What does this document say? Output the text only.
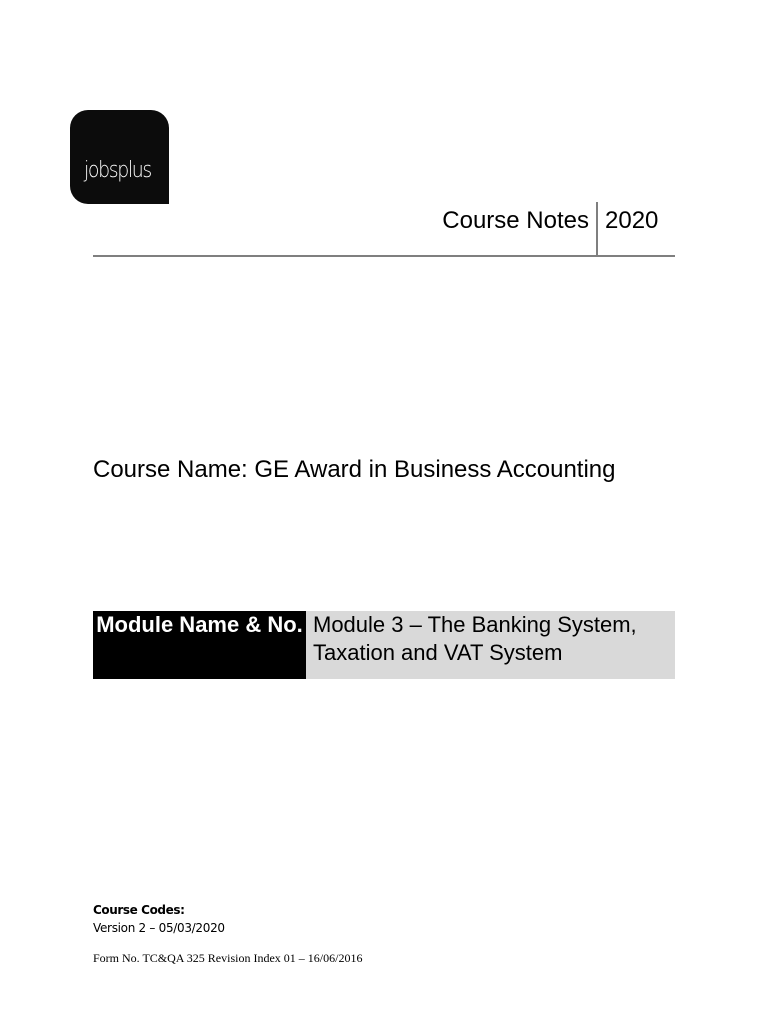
jobsplus
Course Notes 2020
Course Name: GE Award in Business Accounting
Module Name & No. Module 3 – The Banking System, Taxation and VAT System
Course Codes:
Version 2 – 05/03/2020
Form No. TC&QA 325 Revision Index 01 – 16/06/2016
